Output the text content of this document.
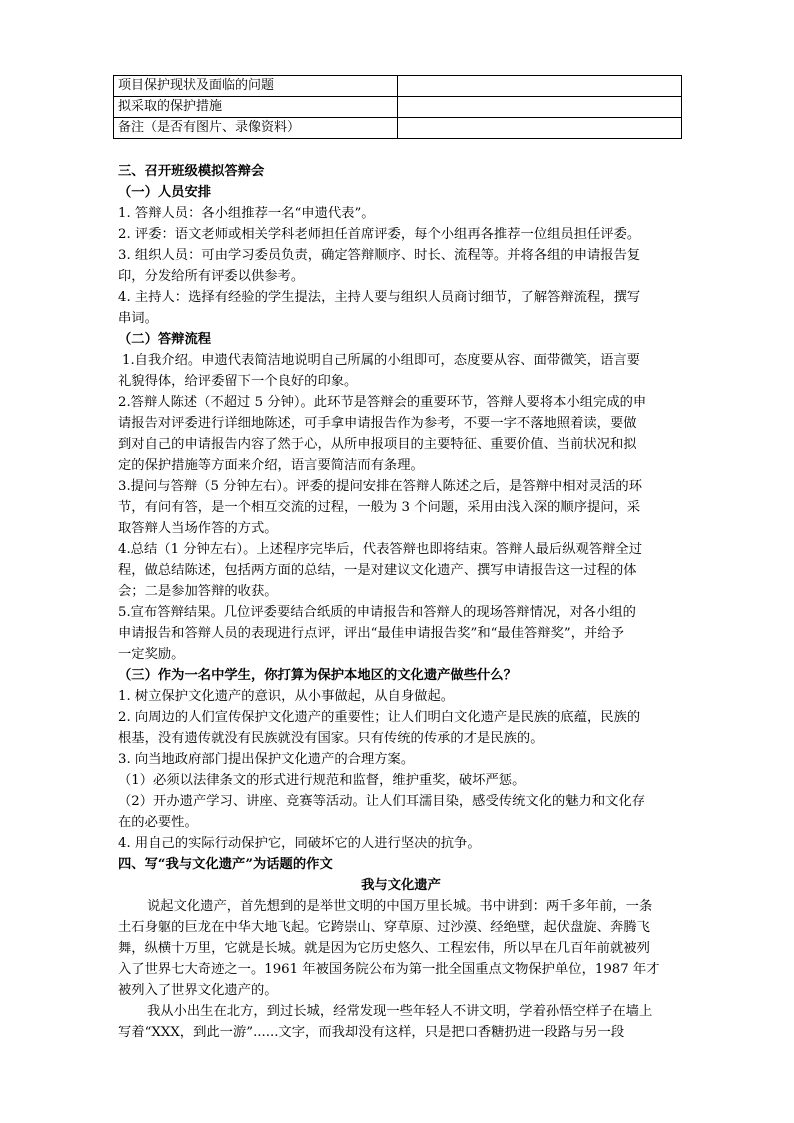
项目保护现状及面临的问题	
拟采取的保护措施	
备注（是否有图片、录像资料）	
三、召开班级模拟答辩会
（一）人员安排
1. 答辩人员：各小组推荐一名“申遗代表”。
2. 评委：语文老师或相关学科老师担任首席评委，每个小组再各推荐一位组员担任评委。
3. 组织人员：可由学习委员负责，确定答辩顺序、时长、流程等。并将各组的申请报告复
印，分发给所有评委以供参考。
4. 主持人：选择有经验的学生提法，主持人要与组织人员商讨细节，了解答辩流程，撰写
串词。
（二）答辩流程
1.自我介绍。申遗代表简洁地说明自己所属的小组即可，态度要从容、面带微笑，语言要
礼貌得体，给评委留下一个良好的印象。
2.答辩人陈述（不超过 5 分钟）。此环节是答辩会的重要环节，答辩人要将本小组完成的申
请报告对评委进行详细地陈述，可手拿申请报告作为参考，不要一字不落地照着读，要做
到对自己的申请报告内容了然于心，从所申报项目的主要特征、重要价值、当前状况和拟
定的保护措施等方面来介绍，语言要简洁而有条理。
3.提问与答辩（5 分钟左右）。评委的提问安排在答辩人陈述之后，是答辩中相对灵活的环
节，有问有答，是一个相互交流的过程，一般为 3 个问题，采用由浅入深的顺序提问，采
取答辩人当场作答的方式。
4.总结（1 分钟左右）。上述程序完毕后，代表答辩也即将结束。答辩人最后纵观答辩全过
程，做总结陈述，包括两方面的总结，一是对建议文化遗产、撰写申请报告这一过程的体
会；二是参加答辩的收获。
5.宣布答辩结果。几位评委要结合纸质的申请报告和答辩人的现场答辩情况，对各小组的
申请报告和答辩人员的表现进行点评，评出“最佳申请报告奖”和“最佳答辩奖”，并给予
一定奖励。
（三）作为一名中学生，你打算为保护本地区的文化遗产做些什么？
1. 树立保护文化遗产的意识，从小事做起，从自身做起。
2. 向周边的人们宣传保护文化遗产的重要性；让人们明白文化遗产是民族的底蕴，民族的
根基，没有遗传就没有民族就没有国家。只有传统的传承的才是民族的。
3. 向当地政府部门提出保护文化遗产的合理方案。
（1）必须以法律条文的形式进行规范和监督，维护重奖，破坏严惩。
（2）开办遗产学习、讲座、竞赛等活动。让人们耳濡目染，感受传统文化的魅力和文化存
在的必要性。
4. 用自己的实际行动保护它，同破坏它的人进行坚决的抗争。
四、写“我与文化遗产”为话题的作文
我与文化遗产
说起文化遗产，首先想到的是举世文明的中国万里长城。书中讲到：两千多年前，一条
土石身躯的巨龙在中华大地飞起。它跨崇山、穿草原、过沙漠、经绝壁，起伏盘旋、奔腾飞
舞，纵横十万里，它就是长城。就是因为它历史悠久、工程宏伟，所以早在几百年前就被列
入了世界七大奇迹之一。1961 年被国务院公布为第一批全国重点文物保护单位，1987 年才
被列入了世界文化遗产的。
我从小出生在北方，到过长城，经常发现一些年轻人不讲文明，学着孙悟空样子在墙上
写着“XXX，到此一游”......文字，而我却没有这样，只是把口香糖扔进一段路与另一段
